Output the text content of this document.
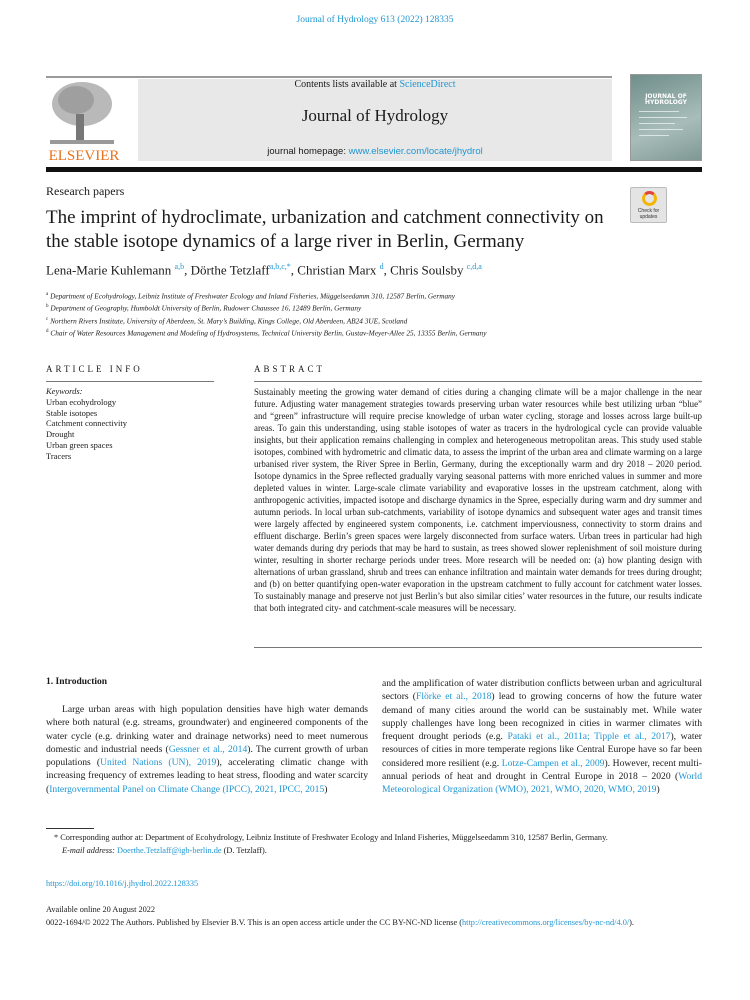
Journal of Hydrology 613 (2022) 128335
ELSEVIER
Contents lists available at ScienceDirect
Journal of Hydrology
journal homepage: www.elsevier.com/locate/jhydrol
JOURNAL OF HYDROLOGY
Research papers
The imprint of hydroclimate, urbanization and catchment connectivity on the stable isotope dynamics of a large river in Berlin, Germany
Check for updates
Lena-Marie Kuhlemann $^{a,b}$, Dörthe Tetzlaff$^{a,b,c,*}$, Christian Marx $^d$, Chris Soulsby $^{c,d,a}$
$^a$ Department of Ecohydrology, Leibniz Institute of Freshwater Ecology and Inland Fisheries, Müggelseedamm 310, 12587 Berlin, Germany
$^b$ Department of Geography, Humboldt University of Berlin, Rudower Chaussee 16, 12489 Berlin, Germany
$^c$ Northern Rivers Institute, University of Aberdeen, St. Mary’s Building, Kings College, Old Aberdeen, AB24 3UE, Scotland
$^d$ Chair of Water Resources Management and Modeling of Hydrosystems, Technical University Berlin, Gustav-Meyer-Allee 25, 13355 Berlin, Germany
ARTICLE INFO	ABSTRACT
Keywords:
Urban ecohydrology
Stable isotopes
Catchment connectivity
Drought
Urban green spaces
Tracers
Sustainably meeting the growing water demand of cities during a changing climate will be a major challenge in the near future. Adjusting water management strategies towards preserving urban water resources while best utilizing urban “blue” and “green” infrastructure will require precise knowledge of urban water cycling, storage and losses across large built-up areas. To gain this understanding, using stable isotopes of water as tracers in the hydrological cycle can provide valuable insights, but their application remains challenging in complex and heterogeneous metropolitan areas. This study used stable isotopes, combined with hydrometric and climatic data, to assess the imprint of the urban area and climate warming on a large urbanised river system, the River Spree in Berlin, Germany, during the exceptionally warm and dry 2018 – 2020 period. Isotope dynamics in the Spree reflected gradually varying seasonal patterns with more enriched values in summer and more depleted values in winter. Large-scale climate variability and evaporative losses in the upstream catchment, along with anthropogenic activities, impacted isotope and discharge dynamics in the Spree, especially during warm and dry summer and autumn periods. In local urban sub-catchments, variability of isotope dynamics and subsequent water ages and transit times were largely affected by engineered system components, i.e. catchment imperviousness, connectivity to storm drains and effluent discharge. Berlin’s green spaces were largely disconnected from surface waters. Urban trees in particular had high water demands during dry periods that may be hard to sustain, as trees showed slower replenishment of soil moisture during winter, resulting in shorter recharge periods under trees. More research will be needed on: (a) how planting design with alternations of urban grassland, shrub and trees can enhance infiltration and maintain water demands for trees during drought; and (b) on better quantifying open-water evaporation in the upstream catchment to fully account for catchment water losses. To sustainably manage and preserve not just Berlin’s but also similar cities’ water resources in the future, our results indicate that both integrated city- and catchment-scale measures will be necessary.
1. Introduction
Large urban areas with high population densities have high water demands where both natural (e.g. streams, groundwater) and engineered components of the water cycle (e.g. drinking water and drainage networks) need to meet numerous domestic and industrial needs (Gessner et al., 2014). The current growth of urban populations (United Nations (UN), 2019), accelerating climatic change with increasing frequency of extremes leading to heat stress, flooding and water scarcity (Intergovernmental Panel on Climate Change (IPCC), 2021, IPCC, 2015)
and the amplification of water distribution conflicts between urban and agricultural sectors (Flörke et al., 2018) lead to growing concerns of how the future water demand of many cities around the world can be sustainably met. While water supply challenges have long been recognized in cities in warmer climates with frequent drought periods (e.g. Pataki et al., 2011a; Tipple et al., 2017), water resources of cities in more temperate regions like Central Europe have so far been considered more resilient (e.g. Lotze-Campen et al., 2009). However, recent multi-annual periods of heat and drought in Central Europe in 2018 – 2020 (World Meteorological Organization (WMO), 2021, WMO, 2020, WMO, 2019)
* Corresponding author at: Department of Ecohydrology, Leibniz Institute of Freshwater Ecology and Inland Fisheries, Müggelseedamm 310, 12587 Berlin, Germany.
E-mail address: Doerthe.Tetzlaff@igb-berlin.de (D. Tetzlaff).
https://doi.org/10.1016/j.jhydrol.2022.128335
Available online 20 August 2022
0022-1694/© 2022 The Authors. Published by Elsevier B.V. This is an open access article under the CC BY-NC-ND license (http://creativecommons.org/licenses/by-nc-nd/4.0/).
